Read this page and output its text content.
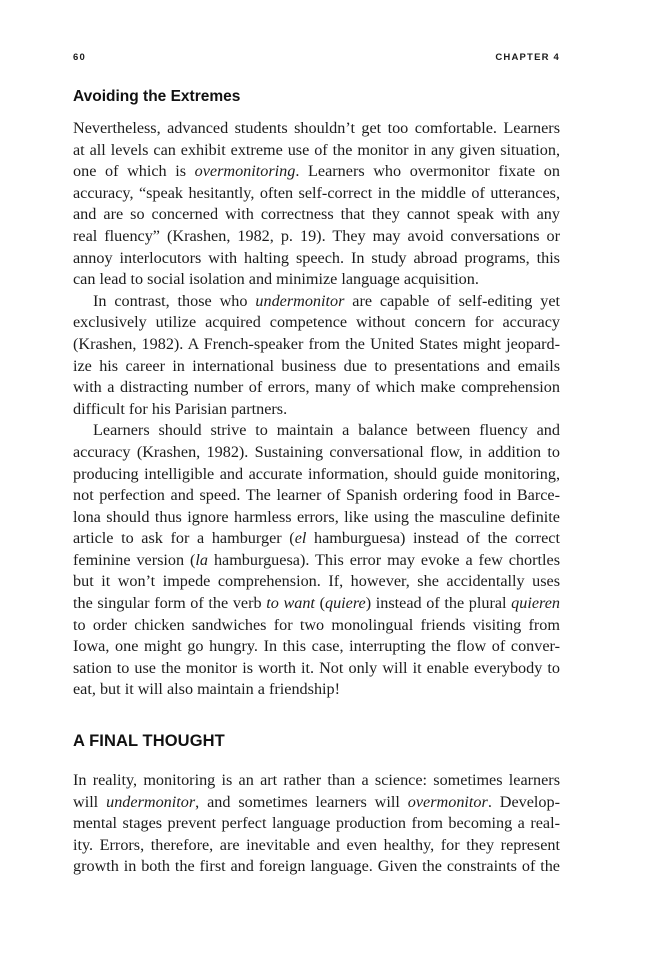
60	CHAPTER 4
Avoiding the Extremes
Nevertheless, advanced students shouldn’t get too comfortable. Learners
at all levels can exhibit extreme use of the monitor in any given situation,
one of which is overmonitoring. Learners who overmonitor fixate on
accuracy, “speak hesitantly, often self-correct in the middle of utterances,
and are so concerned with correctness that they cannot speak with any
real fluency” (Krashen, 1982, p. 19). They may avoid conversations or
annoy interlocutors with halting speech. In study abroad programs, this
can lead to social isolation and minimize language acquisition.
In contrast, those who undermonitor are capable of self-editing yet
exclusively utilize acquired competence without concern for accuracy
(Krashen, 1982). A French-speaker from the United States might jeopard-
ize his career in international business due to presentations and emails
with a distracting number of errors, many of which make comprehension
difficult for his Parisian partners.
Learners should strive to maintain a balance between fluency and
accuracy (Krashen, 1982). Sustaining conversational flow, in addition to
producing intelligible and accurate information, should guide monitoring,
not perfection and speed. The learner of Spanish ordering food in Barce-
lona should thus ignore harmless errors, like using the masculine definite
article to ask for a hamburger (el hamburguesa) instead of the correct
feminine version (la hamburguesa). This error may evoke a few chortles
but it won’t impede comprehension. If, however, she accidentally uses
the singular form of the verb to want (quiere) instead of the plural quieren
to order chicken sandwiches for two monolingual friends visiting from
Iowa, one might go hungry. In this case, interrupting the flow of conver-
sation to use the monitor is worth it. Not only will it enable everybody to
eat, but it will also maintain a friendship!
A FINAL THOUGHT
In reality, monitoring is an art rather than a science: sometimes learners
will undermonitor, and sometimes learners will overmonitor. Develop-
mental stages prevent perfect language production from becoming a real-
ity. Errors, therefore, are inevitable and even healthy, for they represent
growth in both the first and foreign language. Given the constraints of the
